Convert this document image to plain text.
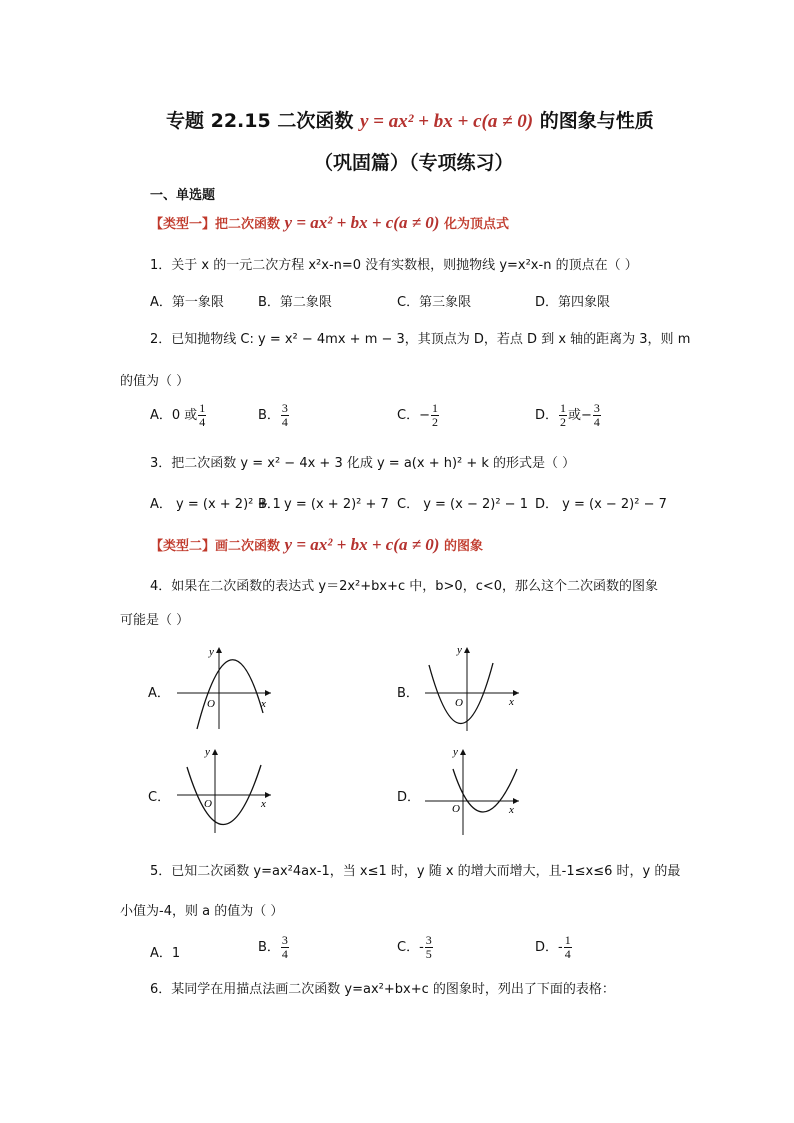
专题 22.15 二次函数 y = ax² + bx + c(a ≠ 0) 的图象与性质
（巩固篇）（专项练习）
一、单选题
【类型一】把二次函数 y = ax² + bx + c(a ≠ 0) 化为顶点式
1．关于 x 的一元二次方程 x²x-n=0 没有实数根，则抛物线 y=x²x-n 的顶点在（ ）
A．第一象限	B．第二象限	C．第三象限	D．第四象限
2．已知抛物线 C: y = x² − 4mx + m − 3，其顶点为 D，若点 D 到 x 轴的距离为 3，则 m
的值为（ ）
A．0 或 $\frac{1}{4}$	B． $\frac{3}{4}$	C．− $\frac{1}{2}$	D． $\frac{1}{2}$ 或− $\frac{3}{4}$
3．把二次函数 y = x² − 4x + 3 化成 y = a(x + h)² + k 的形式是（ ）
A． y = (x + 2)² + 1
B． y = (x + 2)² + 7 C． y = (x − 2)² − 1 D． y = (x − 2)² − 7
【类型二】画二次函数 y = ax² + bx + c(a ≠ 0) 的图象
4．如果在二次函数的表达式 y＝2x²+bx+c 中，b>0，c<0，那么这个二次函数的图象
可能是（ ）
A．	B．
C．	D．
y
x
O
y
x
O
y
x
O
y
x
O
5．已知二次函数 y=ax²4ax-1，当 x≤1 时，y 随 x 的增大而增大，且-1≤x≤6 时，y 的最
小值为-4，则 a 的值为（ ）
A．1	B． $\frac{3}{4}$	C．- $\frac{3}{5}$	D．- $\frac{1}{4}$
6．某同学在用描点法画二次函数 y=ax²+bx+c 的图象时，列出了下面的表格：
